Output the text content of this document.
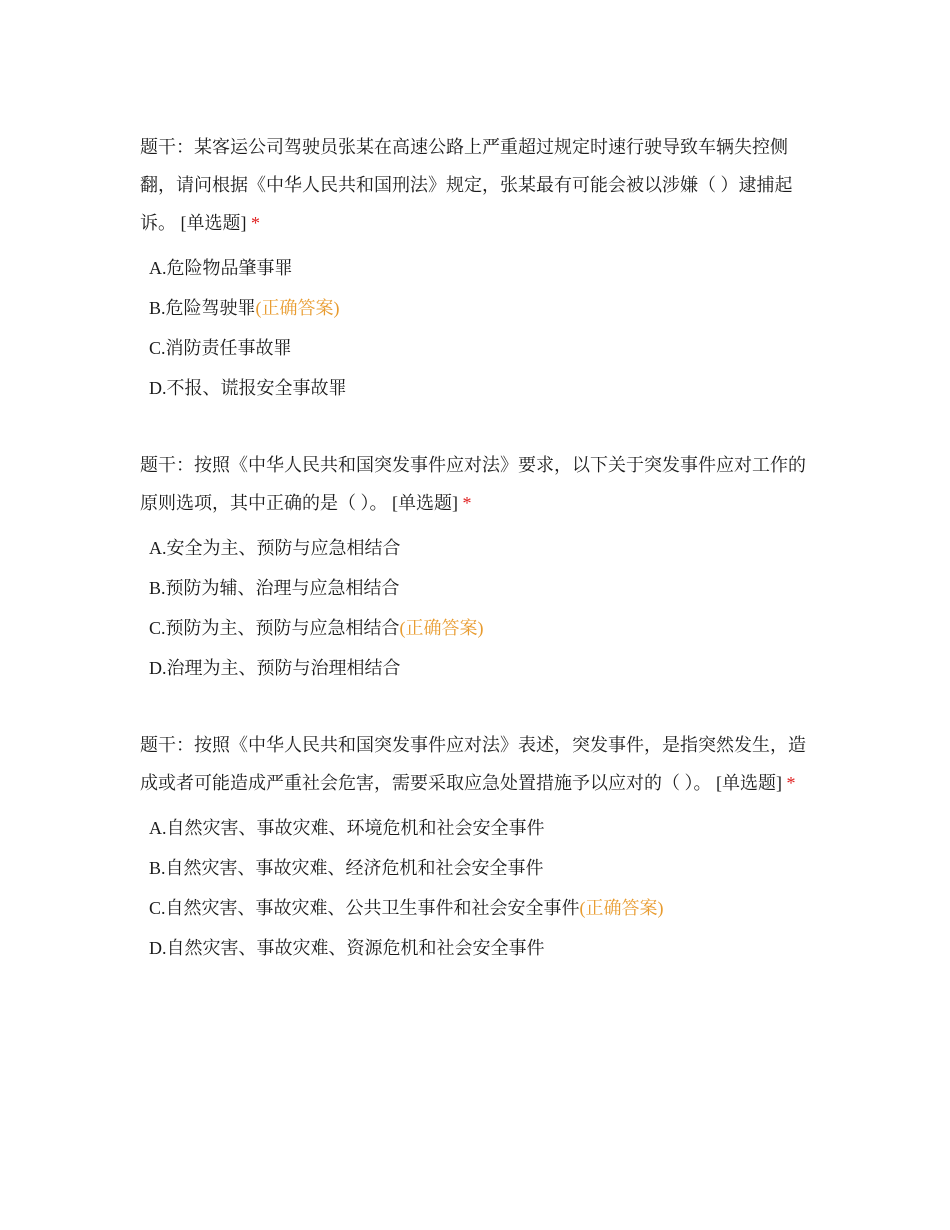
题干：某客运公司驾驶员张某在高速公路上严重超过规定时速行驶导致车辆失控侧翻，请问根据《中华人民共和国刑法》规定，张某最有可能会被以涉嫌（ ）逮捕起诉。 [单选题] *

A.危险物品肇事罪
B.危险驾驶罪(正确答案)
C.消防责任事故罪
D.不报、谎报安全事故罪

题干：按照《中华人民共和国突发事件应对法》要求，以下关于突发事件应对工作的原则选项，其中正确的是（ ）。 [单选题] *

A.安全为主、预防与应急相结合
B.预防为辅、治理与应急相结合
C.预防为主、预防与应急相结合(正确答案)
D.治理为主、预防与治理相结合

题干：按照《中华人民共和国突发事件应对法》表述，突发事件，是指突然发生，造成或者可能造成严重社会危害，需要采取应急处置措施予以应对的（ ）。 [单选题] *

A.自然灾害、事故灾难、环境危机和社会安全事件
B.自然灾害、事故灾难、经济危机和社会安全事件
C.自然灾害、事故灾难、公共卫生事件和社会安全事件(正确答案)
D.自然灾害、事故灾难、资源危机和社会安全事件
